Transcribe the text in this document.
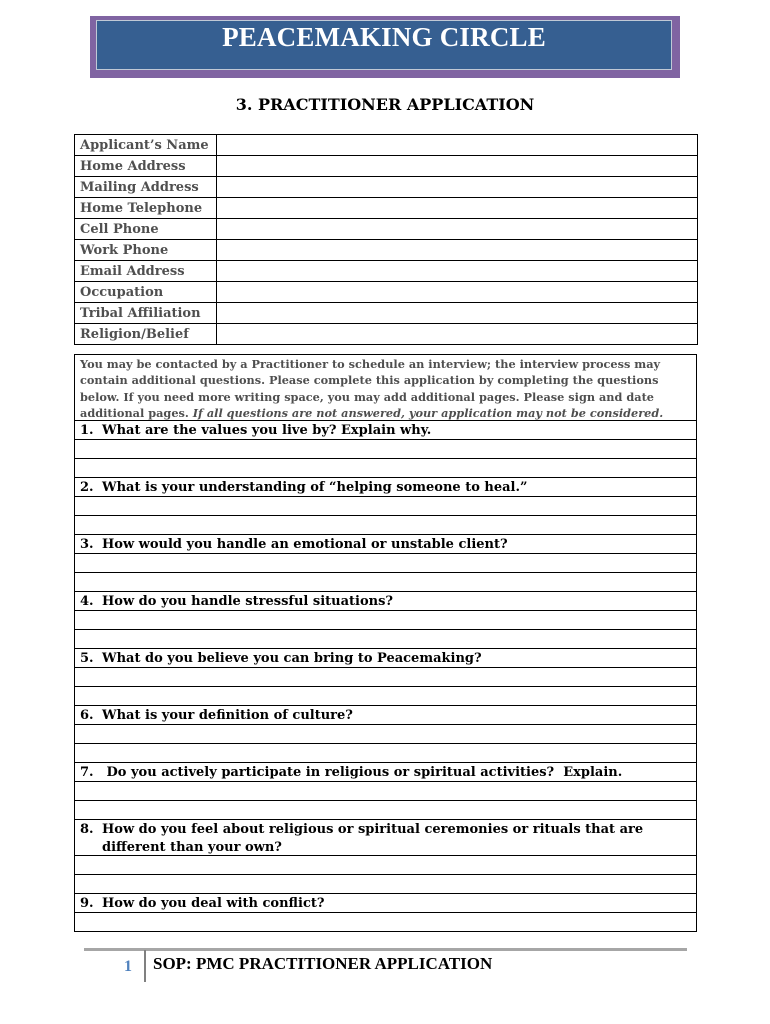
PEACEMAKING CIRCLE
3. PRACTITIONER APPLICATION
Applicant’s Name	
Home Address	
Mailing Address	
Home Telephone	
Cell Phone	
Work Phone	
Email Address	
Occupation	
Tribal Affiliation	
Religion/Belief	
You may be contacted by a Practitioner to schedule an interview; the interview process may contain additional questions. Please complete this application by completing the questions below. If you need more writing space, you may add additional pages. Please sign and date additional pages. If all questions are not answered, your application may not be considered.
1. What are the values you live by? Explain why.
2. What is your understanding of “helping someone to heal.”
3. How would you handle an emotional or unstable client?
4. How do you handle stressful situations?
5. What do you believe you can bring to Peacemaking?
6. What is your definition of culture?
7. Do you actively participate in religious or spiritual activities?  Explain.
8. How do you feel about religious or spiritual ceremonies or rituals that are different than your own?
9. How do you deal with conflict?
1 SOP: PMC PRACTITIONER APPLICATION
